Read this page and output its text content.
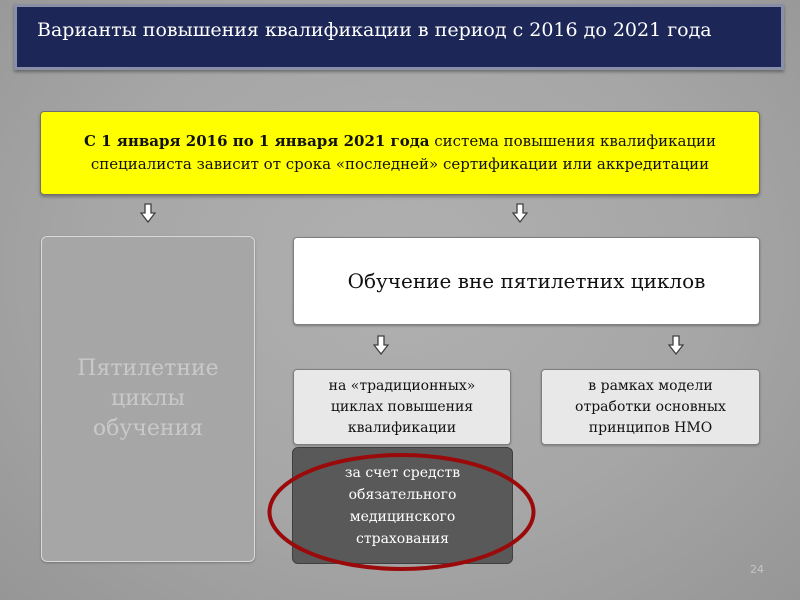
Варианты повышения квалификации в период с 2016 до 2021 года
С 1 января 2016 по 1 января 2021 года система повышения квалификации специалиста зависит от срока «последней» сертификации или аккредитации
Пятилетние циклы обучения
Обучение вне пятилетних циклов
на «традиционных» циклах повышения квалификации
в рамках модели отработки основных принципов НМО
за счет средств обязательного медицинского страхования
24
